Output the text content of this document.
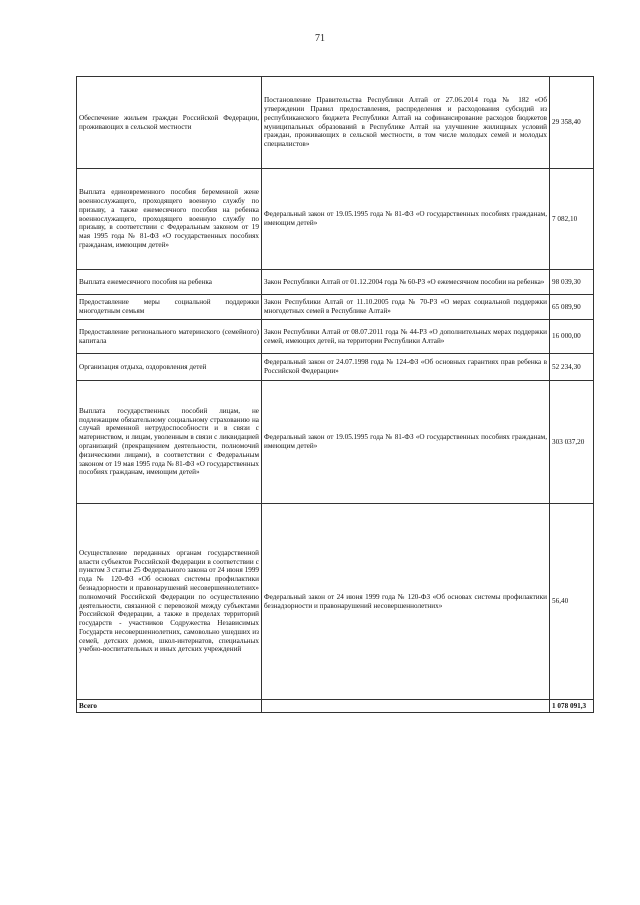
71
Обеспечение жильем граждан Российской Федерации, проживающих в сельской местности	Постановление Правительства Республики Алтай от 27.06.2014 года № 182 «Об утверждении Правил предоставления, распределения и расходования субсидий из республиканского бюджета Республики Алтай на софинансирование расходов бюджетов муниципальных образований в Республике Алтай на улучшение жилищных условий граждан, проживающих в сельской местности, в том числе молодых семей и молодых специалистов»	29 358,40
Выплата единовременного пособия беременной жене военнослужащего, проходящего военную службу по призыву, а также ежемесячного пособия на ребенка военнослужащего, проходящего военную службу по призыву, в соответствии с Федеральным законом от 19 мая 1995 года № 81-ФЗ «О государственных пособиях гражданам, имеющим детей»	Федеральный закон от 19.05.1995 года № 81-ФЗ «О государственных пособиях гражданам, имеющим детей»	7 082,10
Выплата ежемесячного пособия на ребенка	Закон Республики Алтай от 01.12.2004 года № 60-РЗ «О ежемесячном пособии на ребенка»	98 039,30
Предоставление меры социальной поддержки многодетным семьям	Закон Республики Алтай от 11.10.2005 года № 70-РЗ «О мерах социальной поддержки многодетных семей в Республике Алтай»	65 089,90
Предоставление регионального материнского (семейного) капитала	Закон Республики Алтай от 08.07.2011 года № 44-РЗ «О дополнительных мерах поддержки семей, имеющих детей, на территории Республики Алтай»	16 000,00
Организация отдыха, оздоровления детей	Федеральный закон от 24.07.1998 года № 124-ФЗ «Об основных гарантиях прав ребенка в Российской Федерации»	52 234,30
Выплата государственных пособий лицам, не подлежащим обязательному социальному страхованию на случай временной нетрудоспособности и в связи с материнством, и лицам, уволенным в связи с ликвидацией организаций (прекращением деятельности, полномочий физическими лицами), в соответствии с Федеральным законом от 19 мая 1995 года № 81-ФЗ «О государственных пособиях гражданам, имеющим детей»	Федеральный закон от 19.05.1995 года № 81-ФЗ «О государственных пособиях гражданам, имеющим детей»	303 037,20
Осуществление переданных органам государственной власти субъектов Российской Федерации в соответствии с пунктом 3 статьи 25 Федерального закона от 24 июня 1999 года № 120-ФЗ «Об основах системы профилактики безнадзорности и правонарушений несовершеннолетних» полномочий Российской Федерации по осуществлению деятельности, связанной с перевозкой между субъектами Российской Федерации, а также в пределах территорий государств - участников Содружества Независимых Государств несовершеннолетних, самовольно ушедших из семей, детских домов, школ-интернатов, специальных учебно-воспитательных и иных детских учреждений	Федеральный закон от 24 июня 1999 года № 120-ФЗ «Об основах системы профилактики безнадзорности и правонарушений несовершеннолетних»	56,40
Всего		1 078 091,3
